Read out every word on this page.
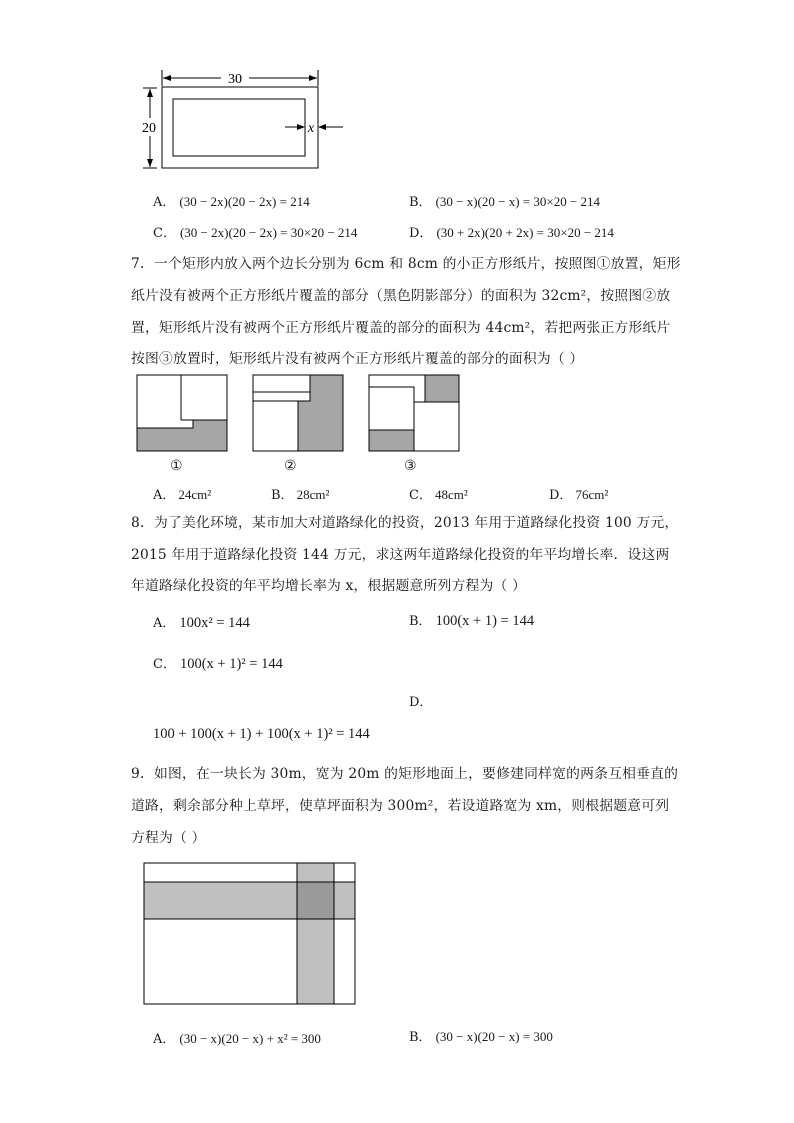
30
20	x
A． (30 − 2x)(20 − 2x) = 214	B． (30 − x)(20 − x) = 30×20 − 214
C． (30 − 2x)(20 − 2x) = 30×20 − 214	D． (30 + 2x)(20 + 2x) = 30×20 − 214
7．一个矩形内放入两个边长分别为 6cm 和 8cm 的小正方形纸片，按照图①放置，矩形
纸片没有被两个正方形纸片覆盖的部分（黑色阴影部分）的面积为 32cm²，按照图②放
置，矩形纸片没有被两个正方形纸片覆盖的部分的面积为 44cm²，若把两张正方形纸片
按图③放置时，矩形纸片没有被两个正方形纸片覆盖的部分的面积为（ ）
①	②	③
A． 24cm²	B． 28cm²	C． 48cm²	D． 76cm²
8．为了美化环境，某市加大对道路绿化的投资，2013 年用于道路绿化投资 100 万元，
2015 年用于道路绿化投资 144 万元，求这两年道路绿化投资的年平均增长率．设这两
年道路绿化投资的年平均增长率为 x，根据题意所列方程为（ ）
A． 100x² = 144	B． 100(x + 1) = 144
C． 100(x + 1)² = 144
D．
100 + 100(x + 1) + 100(x + 1)² = 144
9．如图，在一块长为 30m，宽为 20m 的矩形地面上，要修建同样宽的两条互相垂直的
道路，剩余部分种上草坪，使草坪面积为 300m²，若设道路宽为 xm，则根据题意可列
方程为（ ）
A． (30 − x)(20 − x) + x² = 300	B． (30 − x)(20 − x) = 300
